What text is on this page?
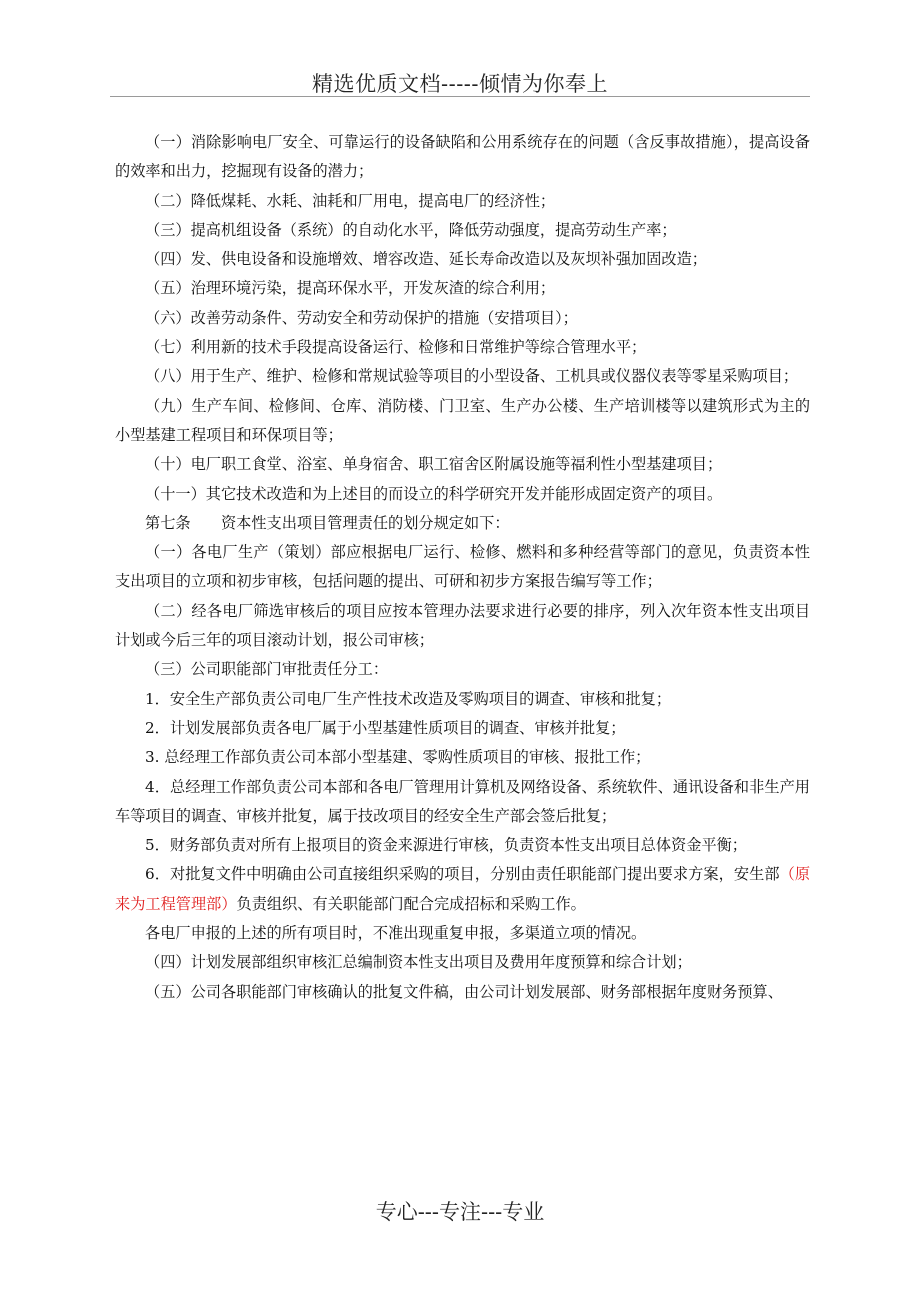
精选优质文档-----倾情为你奉上

（一）消除影响电厂安全、可靠运行的设备缺陷和公用系统存在的问题（含反事故措施），提高设备的效率和出力，挖掘现有设备的潜力；

（二）降低煤耗、水耗、油耗和厂用电，提高电厂的经济性；

（三）提高机组设备（系统）的自动化水平，降低劳动强度，提高劳动生产率；

（四）发、供电设备和设施增效、增容改造、延长寿命改造以及灰坝补强加固改造；

（五）治理环境污染，提高环保水平，开发灰渣的综合利用；

（六）改善劳动条件、劳动安全和劳动保护的措施（安措项目）；

（七）利用新的技术手段提高设备运行、检修和日常维护等综合管理水平；

（八）用于生产、维护、检修和常规试验等项目的小型设备、工机具或仪器仪表等零星采购项目；

（九）生产车间、检修间、仓库、消防楼、门卫室、生产办公楼、生产培训楼等以建筑形式为主的小型基建工程项目和环保项目等；

（十）电厂职工食堂、浴室、单身宿舍、职工宿舍区附属设施等福利性小型基建项目；

（十一）其它技术改造和为上述目的而设立的科学研究开发并能形成固定资产的项目。

第七条　　资本性支出项目管理责任的划分规定如下：

（一）各电厂生产（策划）部应根据电厂运行、检修、燃料和多种经营等部门的意见，负责资本性支出项目的立项和初步审核，包括问题的提出、可研和初步方案报告编写等工作；

（二）经各电厂筛选审核后的项目应按本管理办法要求进行必要的排序，列入次年资本性支出项目计划或今后三年的项目滚动计划，报公司审核；

（三）公司职能部门审批责任分工：

1．安全生产部负责公司电厂生产性技术改造及零购项目的调查、审核和批复；

2．计划发展部负责各电厂属于小型基建性质项目的调查、审核并批复；

3. 总经理工作部负责公司本部小型基建、零购性质项目的审核、报批工作；

4．总经理工作部负责公司本部和各电厂管理用计算机及网络设备、系统软件、通讯设备和非生产用车等项目的调查、审核并批复，属于技改项目的经安全生产部会签后批复；

5．财务部负责对所有上报项目的资金来源进行审核，负责资本性支出项目总体资金平衡；

6．对批复文件中明确由公司直接组织采购的项目，分别由责任职能部门提出要求方案，安生部（原来为工程管理部）负责组织、有关职能部门配合完成招标和采购工作。

各电厂申报的上述的所有项目时，不准出现重复申报，多渠道立项的情况。

（四）计划发展部组织审核汇总编制资本性支出项目及费用年度预算和综合计划；

（五）公司各职能部门审核确认的批复文件稿，由公司计划发展部、财务部根据年度财务预算、

专心---专注---专业
